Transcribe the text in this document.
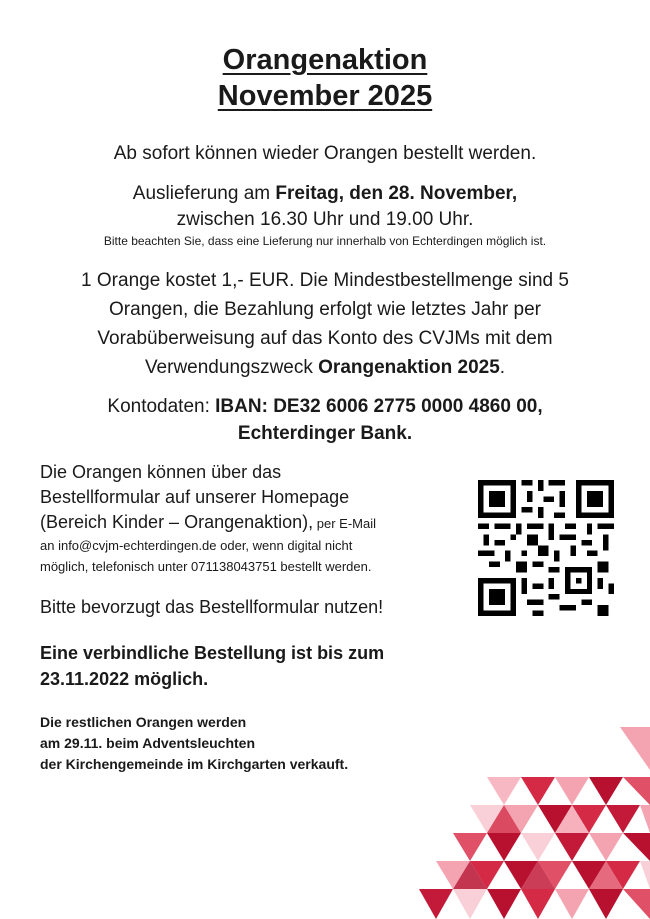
Orangenaktion
November 2025
Ab sofort können wieder Orangen bestellt werden.
Auslieferung am Freitag, den 28. November,
zwischen 16.30 Uhr und 19.00 Uhr.
Bitte beachten Sie, dass eine Lieferung nur innerhalb von Echterdingen möglich ist.
1 Orange kostet 1,- EUR. Die Mindestbestellmenge sind 5 Orangen, die Bezahlung erfolgt wie letztes Jahr per Vorabüberweisung auf das Konto des CVJMs mit dem Verwendungszweck Orangenaktion 2025.
Kontodaten: IBAN: DE32 6006 2775 0000 4860 00,
Echterdinger Bank.
Die Orangen können über das
Bestellformular auf unserer Homepage
(Bereich Kinder – Orangenaktion), per E-Mail
an info@cvjm-echterdingen.de oder, wenn digital nicht
möglich, telefonisch unter 071138043751 bestellt werden.
Bitte bevorzugt das Bestellformular nutzen!
Eine verbindliche Bestellung ist bis zum 23.11.2022 möglich.
Die restlichen Orangen werden
am 29.11. beim Adventsleuchten
der Kirchengemeinde im Kirchgarten verkauft.
